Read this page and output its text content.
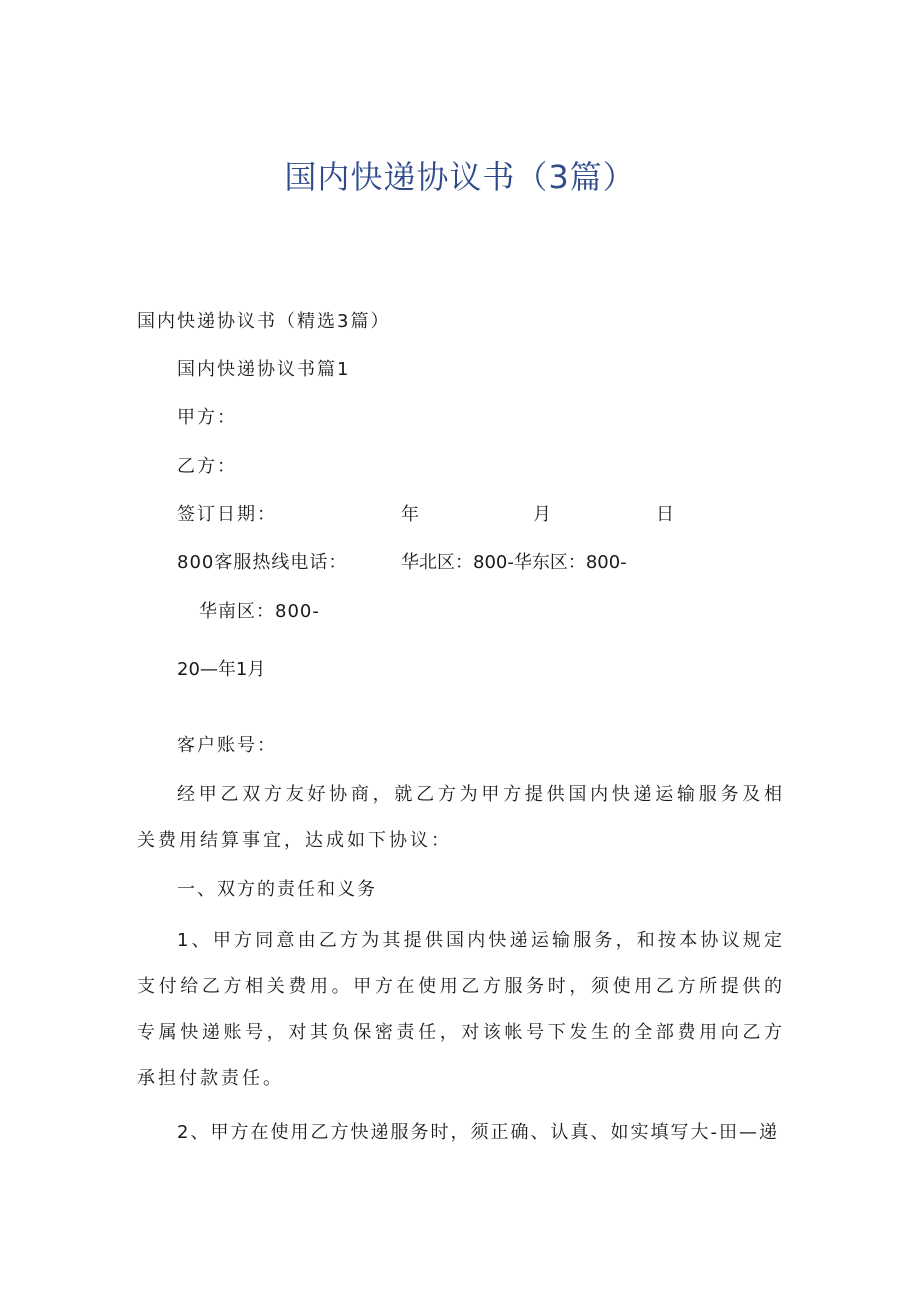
国内快递协议书（3篇）
国内快递协议书（精选3篇）
国内快递协议书篇1
甲方：
乙方：
签订日期：	年	月	日
800客服热线电话：	华北区：800-华东区：800-
华南区：800-
20—年1月
客户账号：
经甲乙双方友好协商，就乙方为甲方提供国内快递运输服务及相关费用结算事宜，达成如下协议：
一、双方的责任和义务
1、甲方同意由乙方为其提供国内快递运输服务，和按本协议规定支付给乙方相关费用。甲方在使用乙方服务时，须使用乙方所提供的专属快递账号，对其负保密责任，对该帐号下发生的全部费用向乙方承担付款责任。
2、甲方在使用乙方快递服务时，须正确、认真、如实填写大-田—递
